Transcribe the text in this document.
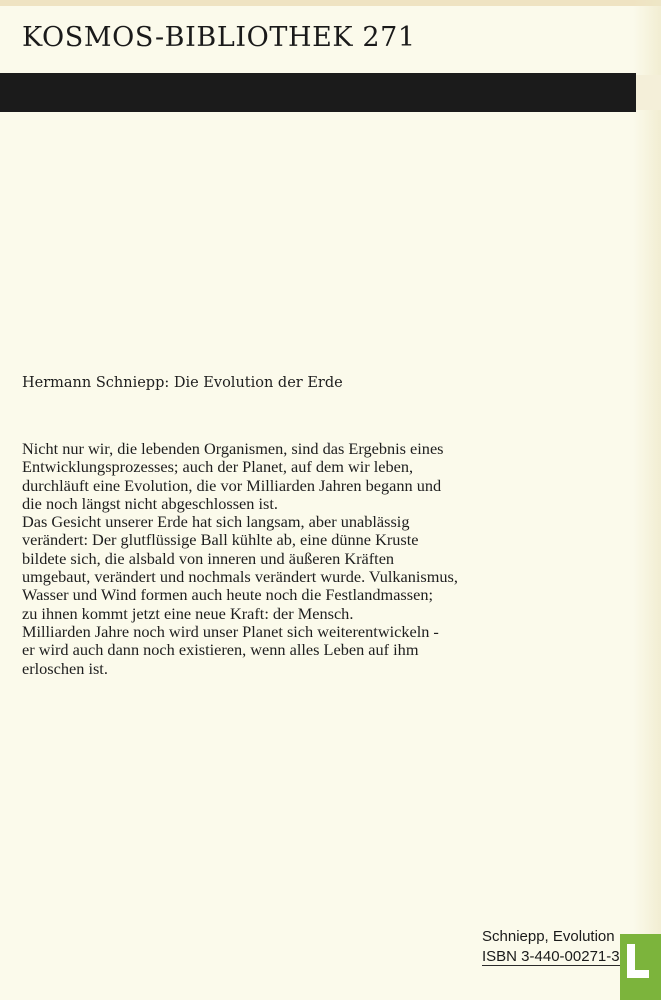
KOSMOS-BIBLIOTHEK 271
Hermann Schniepp: Die Evolution der Erde
Nicht nur wir, die lebenden Organismen, sind das Ergebnis eines
Entwicklungsprozesses; auch der Planet, auf dem wir leben,
durchläuft eine Evolution, die vor Milliarden Jahren begann und
die noch längst nicht abgeschlossen ist.
Das Gesicht unserer Erde hat sich langsam, aber unablässig
verändert: Der glutflüssige Ball kühlte ab, eine dünne Kruste
bildete sich, die alsbald von inneren und äußeren Kräften
umgebaut, verändert und nochmals verändert wurde. Vulkanismus,
Wasser und Wind formen auch heute noch die Festlandmassen;
zu ihnen kommt jetzt eine neue Kraft: der Mensch.
Milliarden Jahre noch wird unser Planet sich weiterentwickeln -
er wird auch dann noch existieren, wenn alles Leben auf ihm
erloschen ist.
Schniepp, Evolution
ISBN 3-440-00271-3
